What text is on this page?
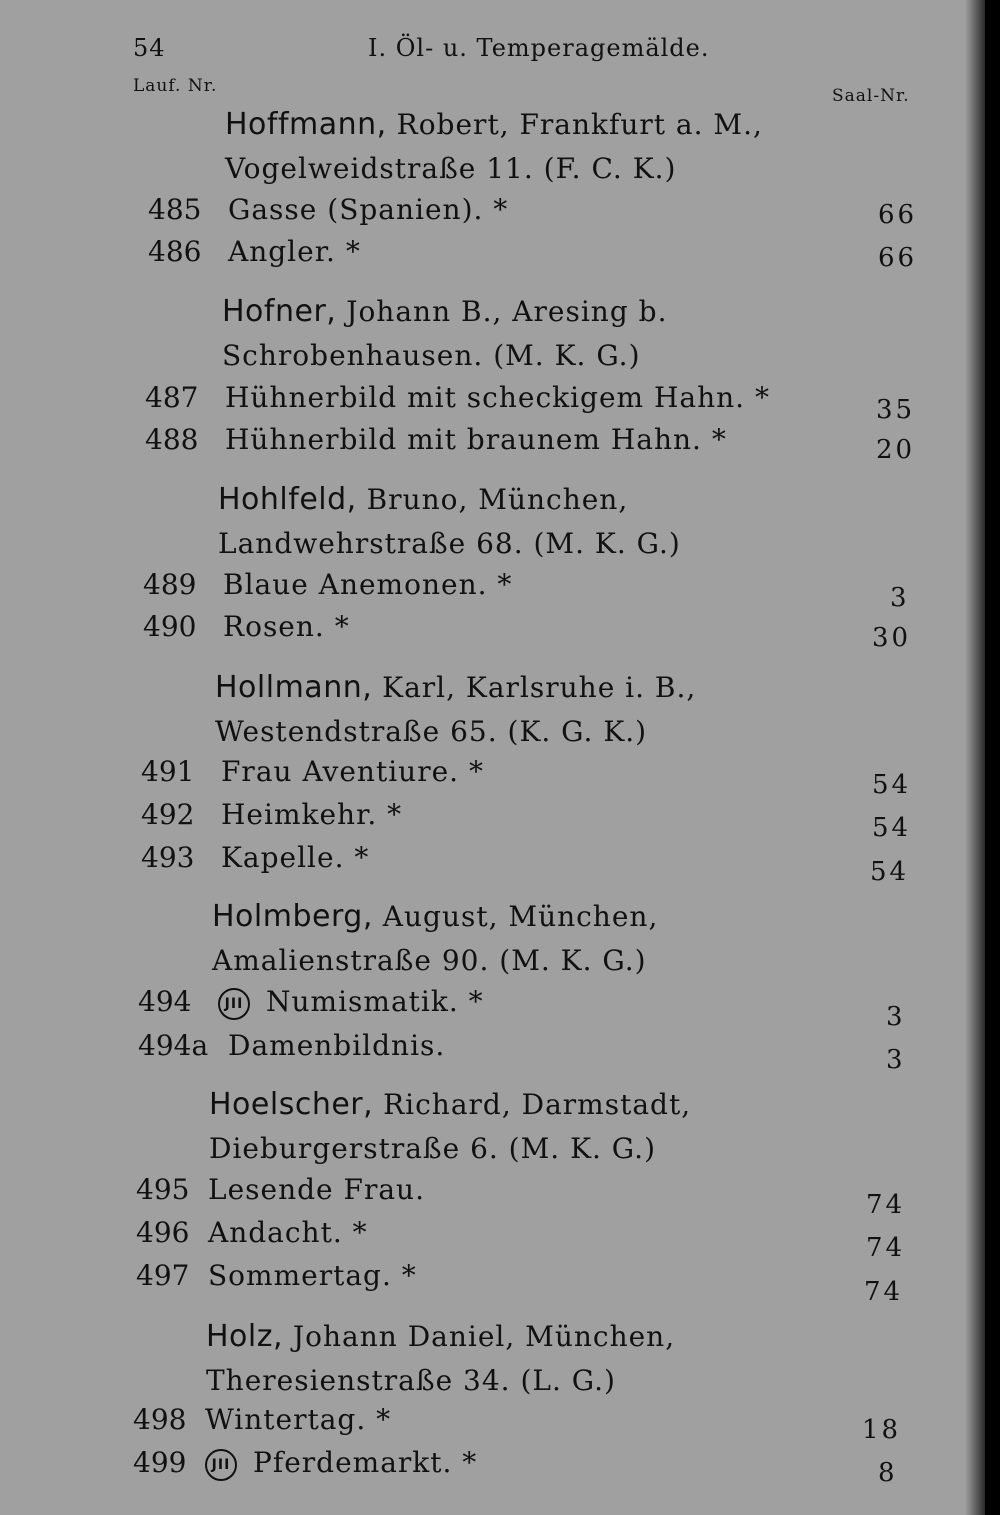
54	I. Öl- u. Temperagemälde.
Lauf. Nr.	Saal-Nr.
Hoffmann, Robert, Frankfurt a. M., Vogelweidstraße 11. (F. C. K.)
485 Gasse (Spanien). *	66
486 Angler. *	66
Hofner, Johann B., Aresing b. Schrobenhausen. (M. K. G.)
487 Hühnerbild mit scheckigem Hahn. *	35
488 Hühnerbild mit braunem Hahn. *	20
Hohlfeld, Bruno, München, Landwehrstraße 68. (M. K. G.)
489 Blaue Anemonen. *	3
490 Rosen. *	30
Hollmann, Karl, Karlsruhe i. B., Westendstraße 65. (K. G. K.)
491 Frau Aventiure. *	54
492 Heimkehr. *	54
493 Kapelle. *	54
Holmberg, August, München, Amalienstraße 90. (M. K. G.)
494	JII Numismatik. *	3
494a Damenbildnis.	3
Hoelscher, Richard, Darmstadt, Dieburgerstraße 6. (M. K. G.)
495 Lesende Frau.	74
496 Andacht. *	74
497 Sommertag. *	74
Holz, Johann Daniel, München, Theresienstraße 34. (L. G.)
498 Wintertag. *	18
499	JII Pferdemarkt. *	8
